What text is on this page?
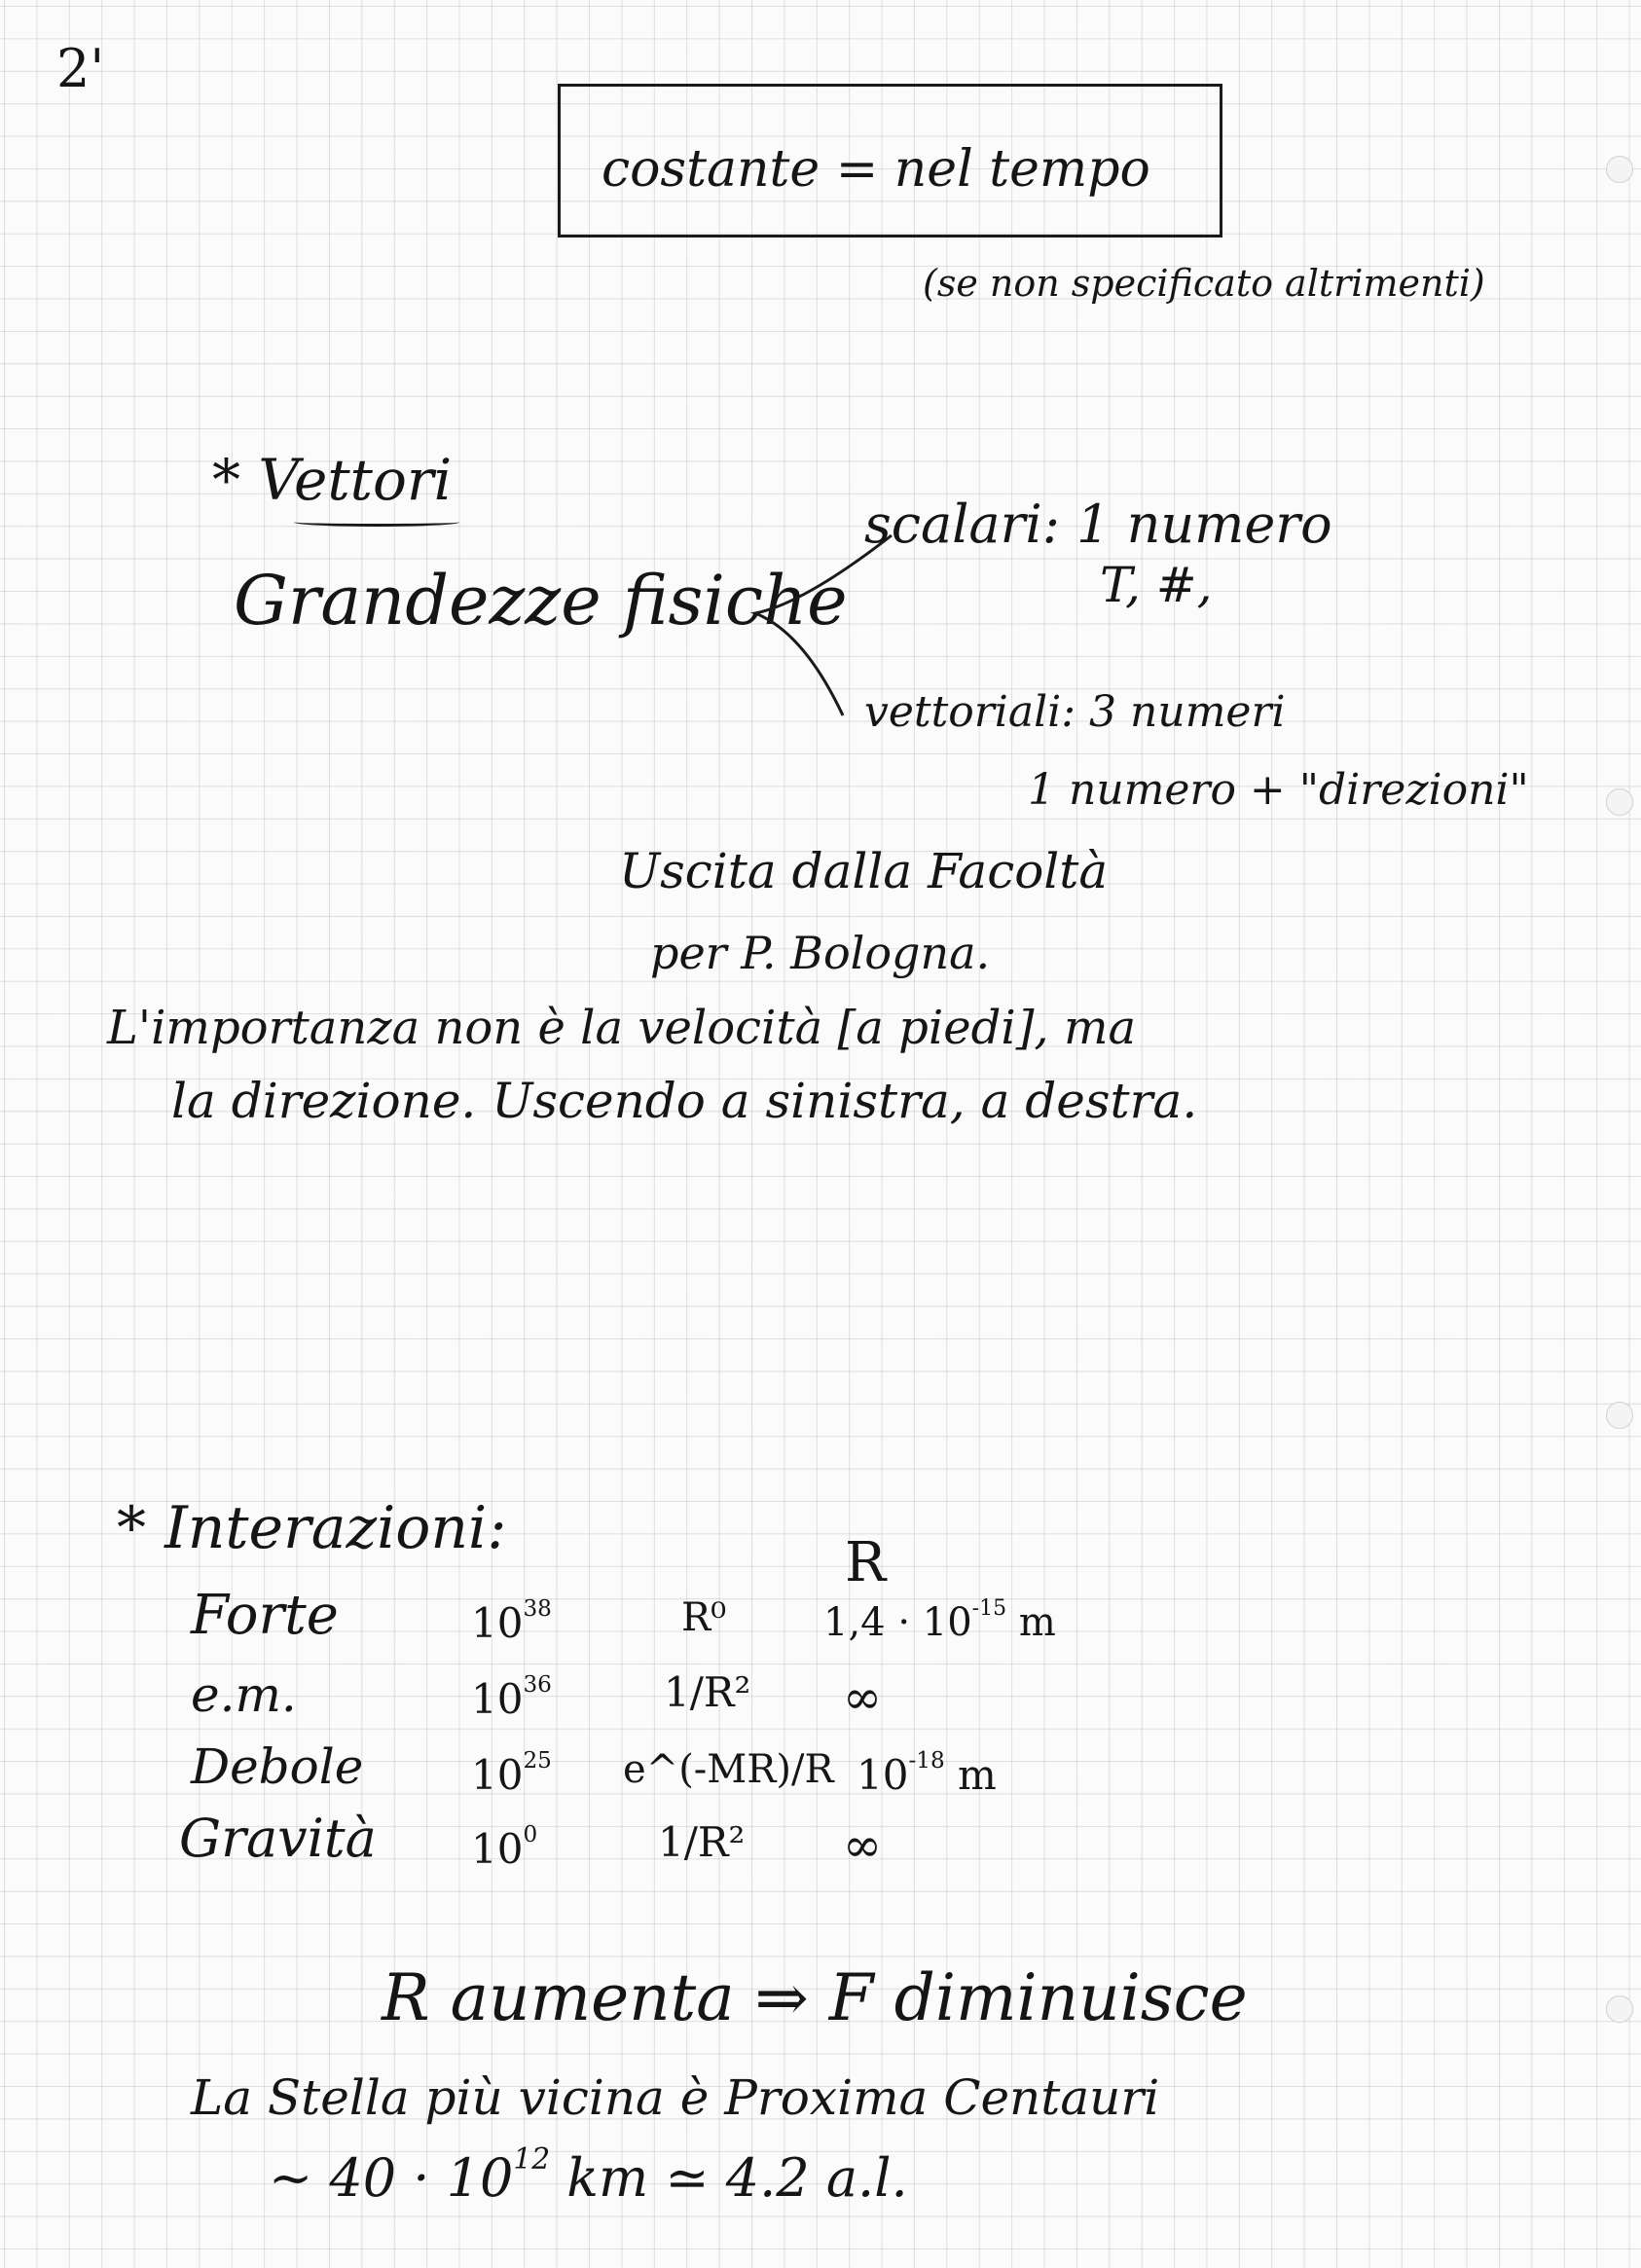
2'
costante = nel tempo
(se non specificato altrimenti)
* Vettori
Grandezze fisiche
scalari: 1 numero
T, #,
vettoriali: 3 numeri
1 numero + "direzioni"
Uscita dalla Facoltà
per P. Bologna.
L'importanza non è la velocità [a piedi], ma
la direzione. Uscendo a sinistra, a destra.
* Interazioni:
R
Forte	$10^{38}$	R⁰ $1,4 \cdot 10^{-15}$ m
e.m.	$10^{36}$	1/R² ∞
Debole	$10^{25}$ e^(-MR)/R $10^{-18}$ m
Gravità $10^0$	1/R² ∞
R aumenta ⇒ F diminuisce
La Stella più vicina è Proxima Centauri
~ $40 \cdot 10^{12}$ km ≃ 4.2 a.l.
